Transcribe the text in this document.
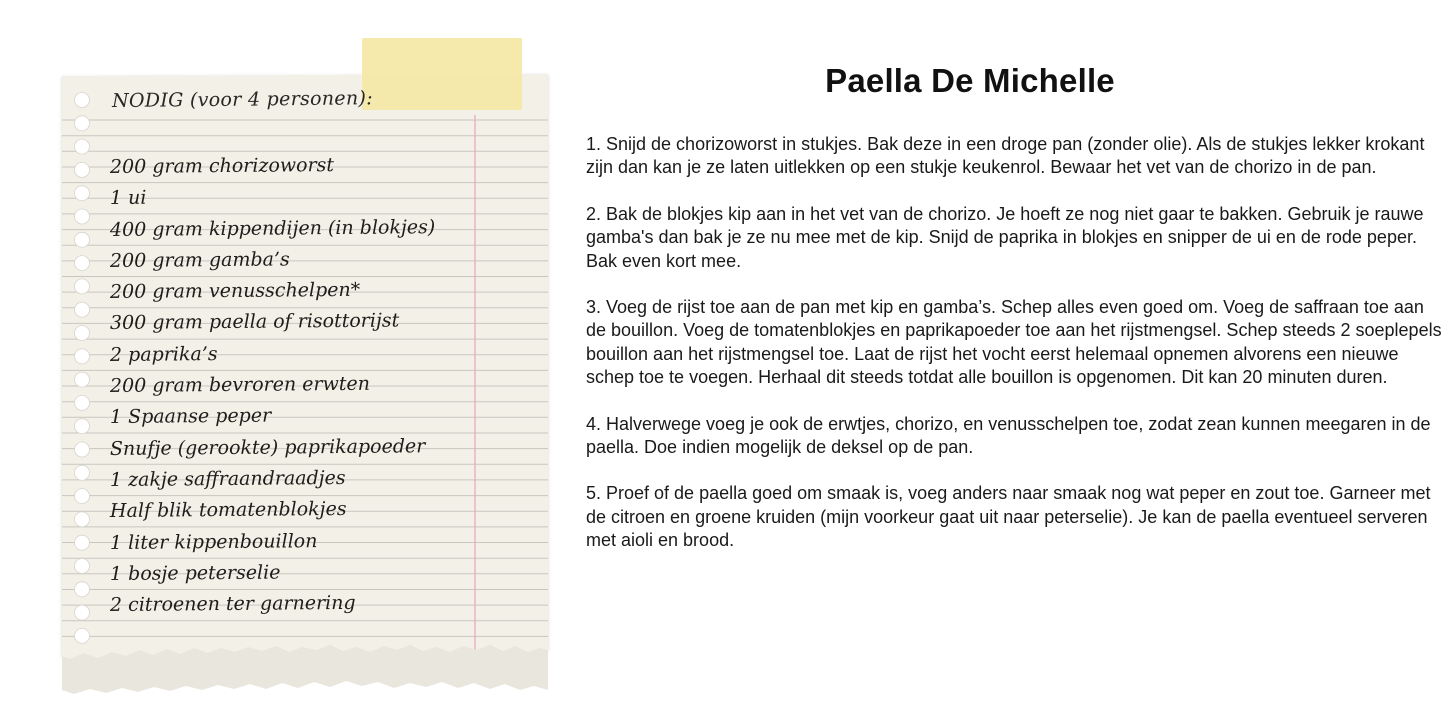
NODIG (voor 4 personen):
200 gram chorizoworst
1 ui
400 gram kippendijen (in blokjes)
200 gram gamba’s
200 gram venusschelpen*
300 gram paella of risottorijst
2 paprika’s
200 gram bevroren erwten
1 Spaanse peper
Snufje (gerookte) paprikapoeder
1 zakje saffraandraadjes
Half blik tomatenblokjes
1 liter kippenbouillon
1 bosje peterselie
2 citroenen ter garnering
Paella De Michelle

1. Snijd de chorizoworst in stukjes. Bak deze in een droge pan (zonder olie). Als de stukjes lekker krokant zijn dan kan je ze laten uitlekken op een stukje keukenrol. Bewaar het vet van de chorizo in de pan.

2. Bak de blokjes kip aan in het vet van de chorizo. Je hoeft ze nog niet gaar te bakken. Gebruik je rauwe gamba's dan bak je ze nu mee met de kip. Snijd de paprika in blokjes en snipper de ui en de rode peper. Bak even kort mee.

3. Voeg de rijst toe aan de pan met kip en gamba’s. Schep alles even goed om. Voeg de saffraan toe aan de bouillon. Voeg de tomatenblokjes en paprikapoeder toe aan het rijstmengsel. Schep steeds 2 soeplepels bouillon aan het rijstmengsel toe. Laat de rijst het vocht eerst helemaal opnemen alvorens een nieuwe schep toe te voegen. Herhaal dit steeds totdat alle bouillon is opgenomen. Dit kan 20 minuten duren.

4. Halverwege voeg je ook de erwtjes, chorizo, en venusschelpen toe, zodat zean kunnen meegaren in de paella. Doe indien mogelijk de deksel op de pan.

5. Proef of de paella goed om smaak is, voeg anders naar smaak nog wat peper en zout toe. Garneer met de citroen en groene kruiden (mijn voorkeur gaat uit naar peterselie). Je kan de paella eventueel serveren met aioli en brood.
